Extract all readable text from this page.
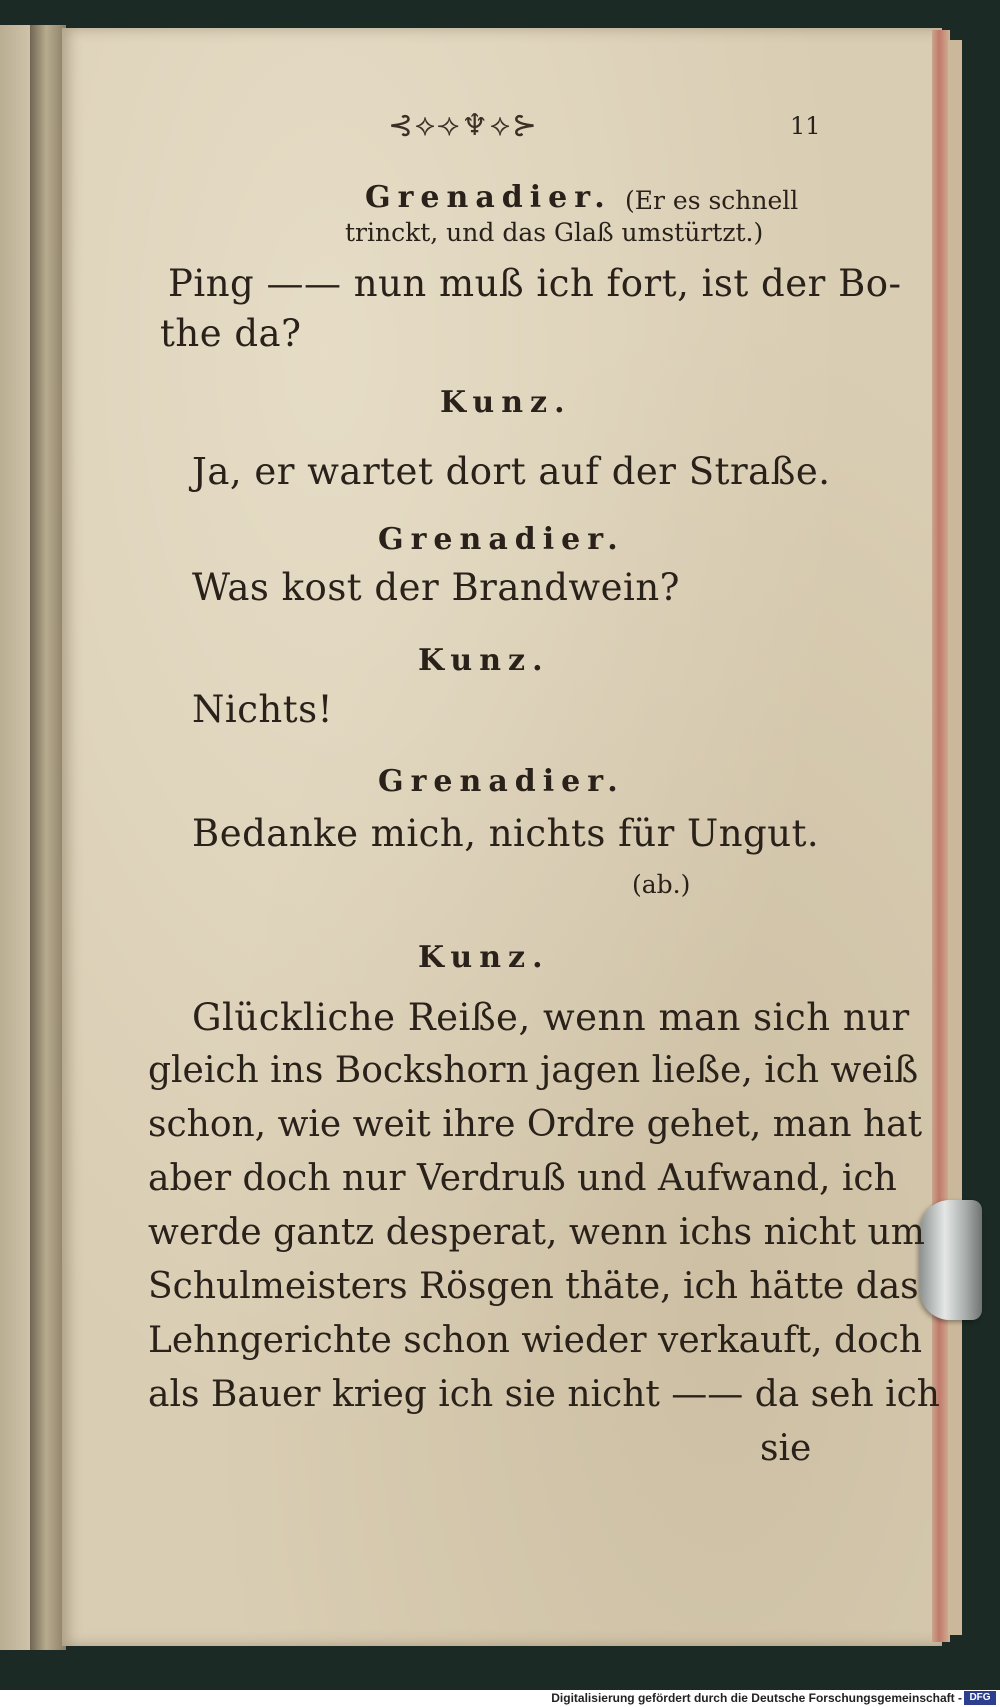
⊰⟡⟢♆⟡⊱	11
Grenadier. (Er es schnell
trinckt, und das Glaß umstürtzt.)
Ping —— nun muß ich fort, ist der Bo-
the da?
Kunz.
Ja, er wartet dort auf der Straße.
Grenadier.
Was kost der Brandwein?
Kunz.
Nichts!
Grenadier.
Bedanke mich, nichts für Ungut.
(ab.)
Kunz.
Glückliche Reiße, wenn man sich nur
gleich ins Bockshorn jagen ließe, ich weiß
schon, wie weit ihre Ordre gehet, man hat
aber doch nur Verdruß und Aufwand, ich
werde gantz desperat, wenn ichs nicht um
Schulmeisters Rösgen thäte, ich hätte das
Lehngerichte schon wieder verkauft, doch
als Bauer krieg ich sie nicht —— da seh ich
sie
Digitalisierung gefördert durch die Deutsche Forschungsgemeinschaft - DFG
